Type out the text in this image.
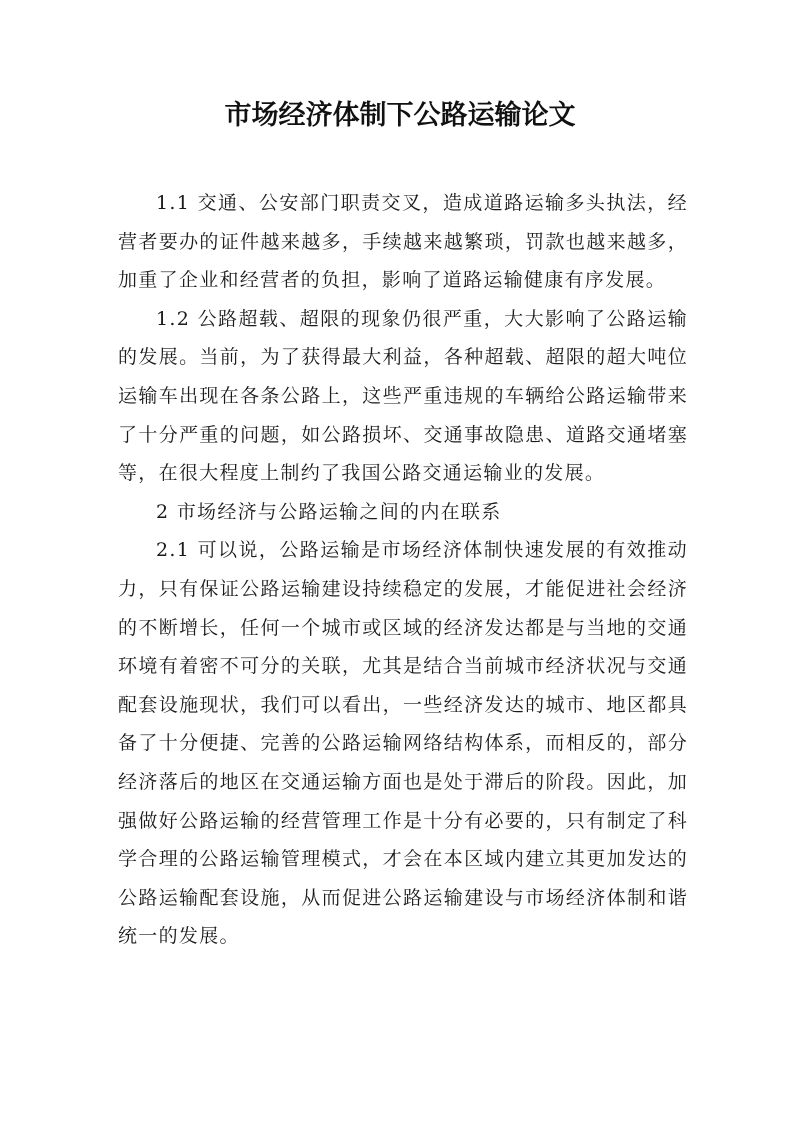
市场经济体制下公路运输论文

1.1 交通、公安部门职责交叉，造成道路运输多头执法，经营者要办的证件越来越多，手续越来越繁琐，罚款也越来越多，加重了企业和经营者的负担，影响了道路运输健康有序发展。

1.2 公路超载、超限的现象仍很严重，大大影响了公路运输的发展。当前，为了获得最大利益，各种超载、超限的超大吨位运输车出现在各条公路上，这些严重违规的车辆给公路运输带来了十分严重的问题，如公路损坏、交通事故隐患、道路交通堵塞等，在很大程度上制约了我国公路交通运输业的发展。

2 市场经济与公路运输之间的内在联系

2.1 可以说，公路运输是市场经济体制快速发展的有效推动力，只有保证公路运输建设持续稳定的发展，才能促进社会经济的不断增长，任何一个城市或区域的经济发达都是与当地的交通环境有着密不可分的关联，尤其是结合当前城市经济状况与交通配套设施现状，我们可以看出，一些经济发达的城市、地区都具备了十分便捷、完善的公路运输网络结构体系，而相反的，部分经济落后的地区在交通运输方面也是处于滞后的阶段。因此，加强做好公路运输的经营管理工作是十分有必要的，只有制定了科学合理的公路运输管理模式，才会在本区域内建立其更加发达的公路运输配套设施，从而促进公路运输建设与市场经济体制和谐统一的发展。
